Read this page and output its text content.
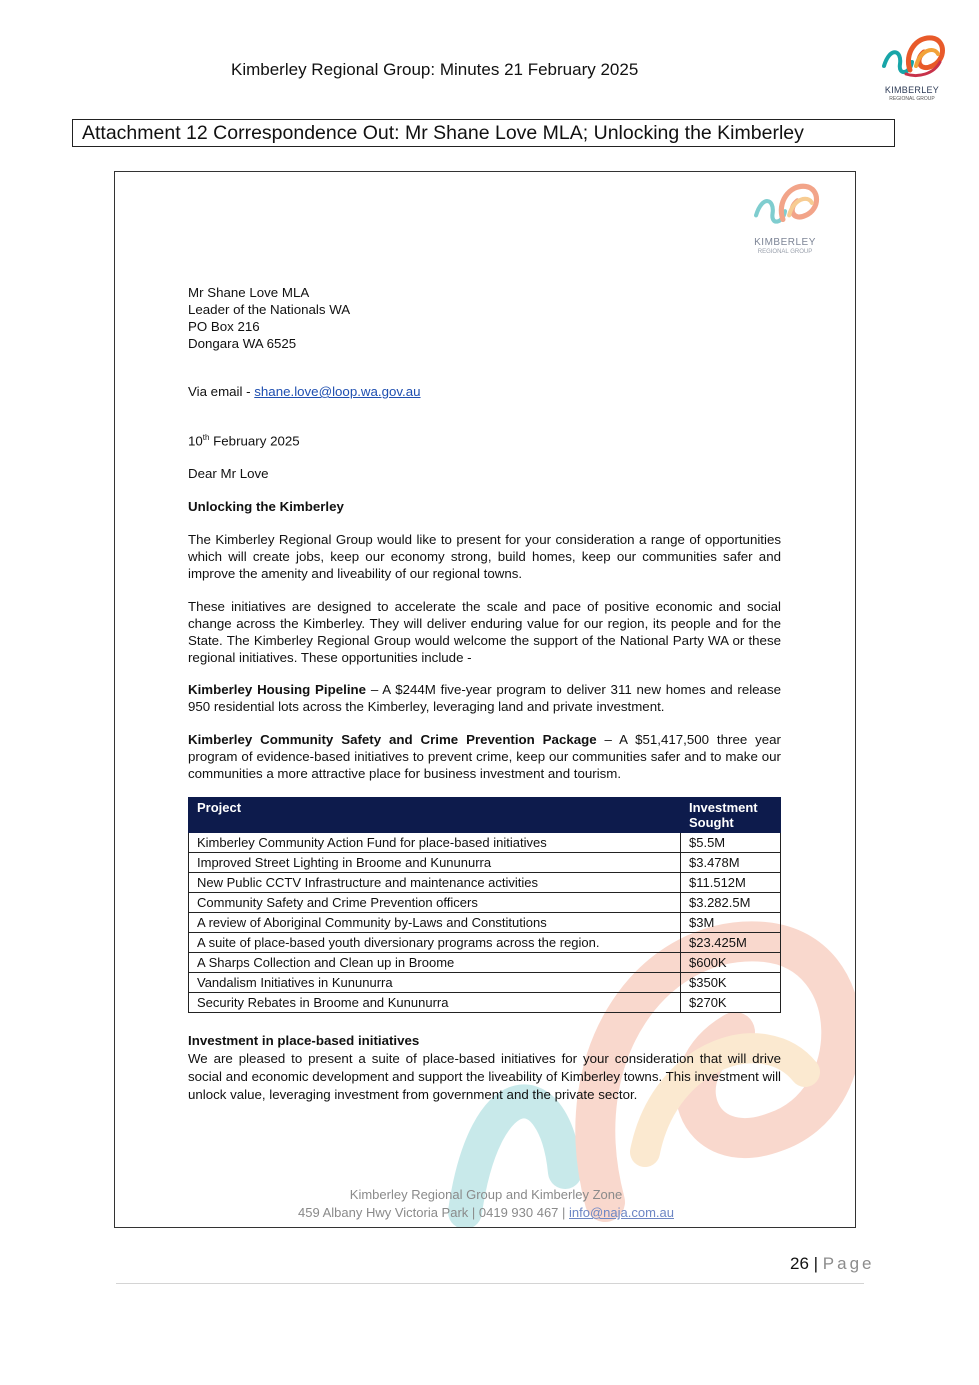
Kimberley Regional Group: Minutes 21 February 2025
KIMBERLEY
REGIONAL GROUP
Attachment 12 Correspondence Out: Mr Shane Love MLA; Unlocking the Kimberley
KIMBERLEY
REGIONAL GROUP

Mr Shane Love MLA

Leader of the Nationals WA

PO Box 216

Dongara WA 6525

Via email - shane.love@loop.wa.gov.au

10th February 2025

Dear Mr Love

Unlocking the Kimberley

The Kimberley Regional Group would like to present for your consideration a range of opportunities which will create jobs, keep our economy strong, build homes, keep our communities safer and improve the amenity and liveability of our regional towns.

These initiatives are designed to accelerate the scale and pace of positive economic and social change across the Kimberley. They will deliver enduring value for our region, its people and for the State. The Kimberley Regional Group would welcome the support of the National Party WA or these regional initiatives. These opportunities include -

Kimberley Housing Pipeline – A $244M five-year program to deliver 311 new homes and release 950 residential lots across the Kimberley, leveraging land and private investment.

Kimberley Community Safety and Crime Prevention Package – A $51,417,500 three year program of evidence-based initiatives to prevent crime, keep our communities safer and to make our communities a more attractive place for business investment and tourism.

Project	Investment Sought
Kimberley Community Action Fund for place-based initiatives	$5.5M
Improved Street Lighting in Broome and Kununurra	$3.478M
New Public CCTV Infrastructure and maintenance activities	$11.512M
Community Safety and Crime Prevention officers	$3.282.5M
A review of Aboriginal Community by-Laws and Constitutions	$3M
A suite of place-based youth diversionary programs across the region.	$23.425M
A Sharps Collection and Clean up in Broome	$600K
Vandalism Initiatives in Kununurra	$350K
Security Rebates in Broome and Kununurra	$270K

Investment in place-based initiatives

We are pleased to present a suite of place-based initiatives for your consideration that will drive social and economic development and support the liveability of Kimberley towns. This investment will unlock value, leveraging investment from government and the private sector.

Kimberley Regional Group and Kimberley Zone
459 Albany Hwy Victoria Park | 0419 930 467 | info@naja.com.au
26 | Page
